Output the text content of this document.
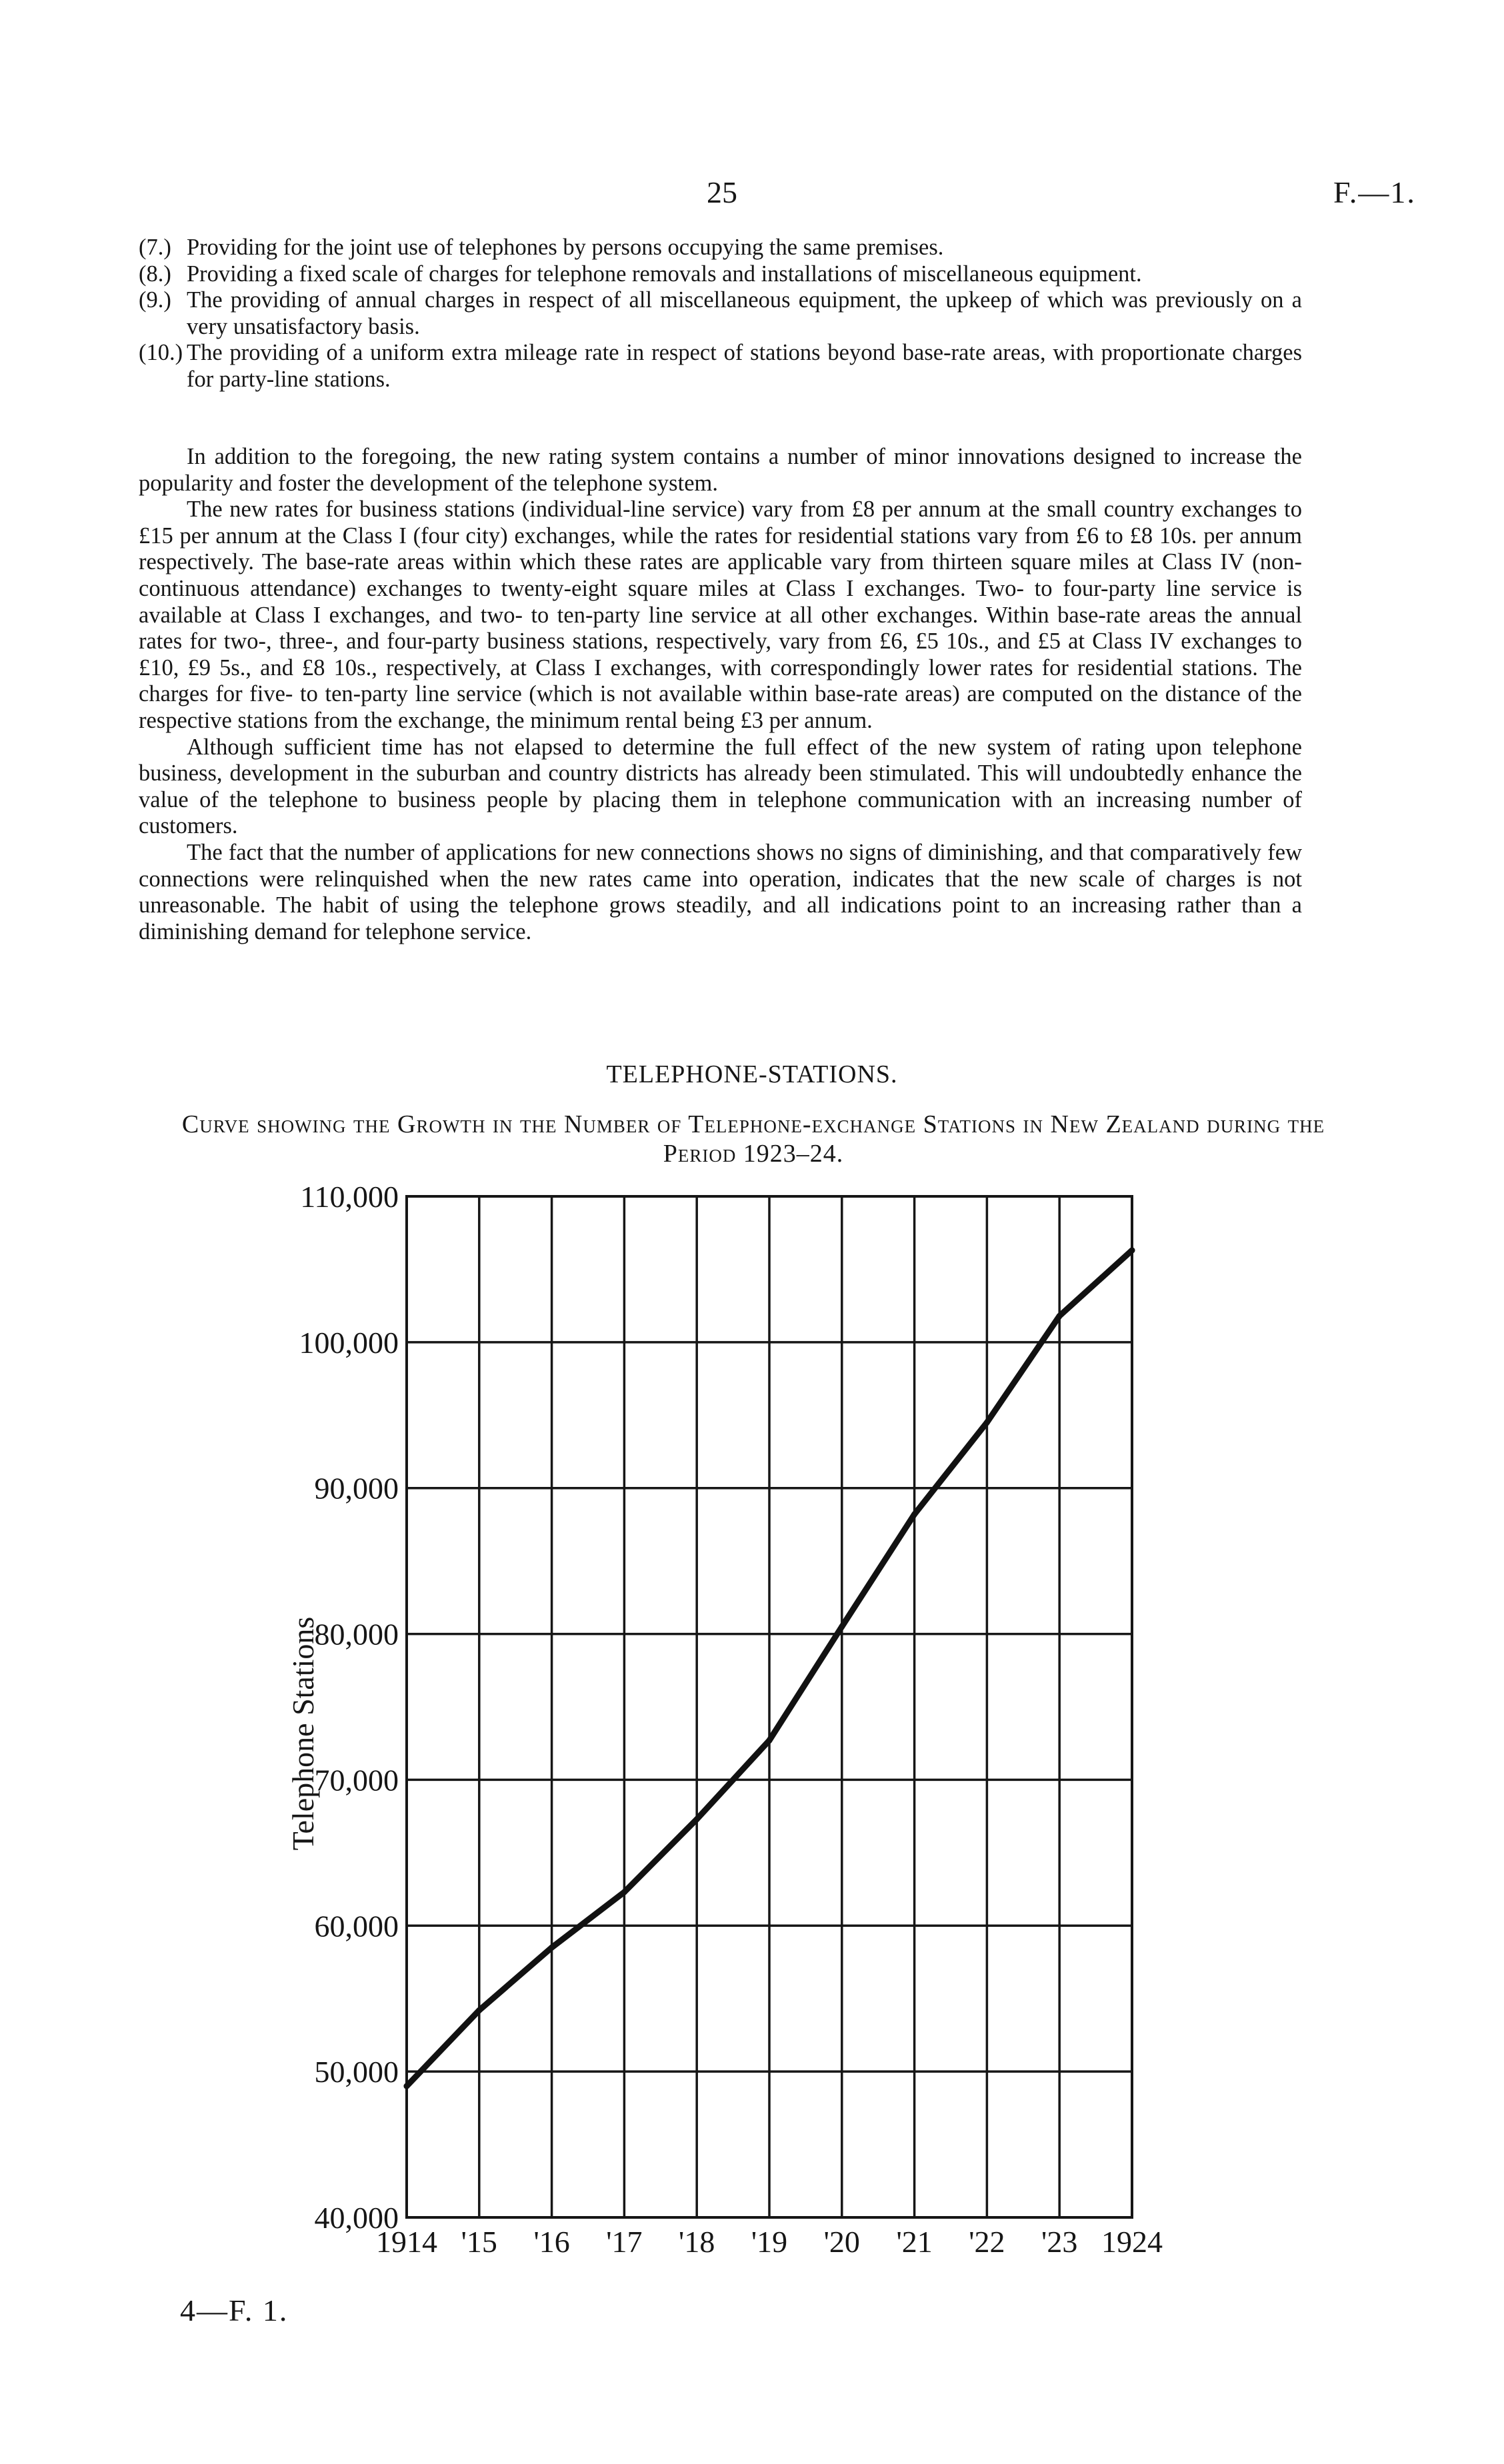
25	F.—1.

(7.) Providing for the joint use of telephones by persons occupying the same premises.

(8.) Providing a fixed scale of charges for telephone removals and installations of miscellaneous equipment.

(9.) The providing of annual charges in respect of all miscellaneous equipment, the upkeep of which was previously on a very unsatisfactory basis.

(10.) The providing of a uniform extra mileage rate in respect of stations beyond base-rate areas, with proportionate charges for party-line stations.

In addition to the foregoing, the new rating system contains a number of minor innovations designed to increase the popularity and foster the development of the telephone system.

The new rates for business stations (individual-line service) vary from £8 per annum at the small country exchanges to £15 per annum at the Class I (four city) exchanges, while the rates for residential stations vary from £6 to £8 10s. per annum respectively. The base-rate areas within which these rates are applicable vary from thirteen square miles at Class IV (non-continuous attendance) exchanges to twenty-eight square miles at Class I exchanges. Two- to four-party line service is available at Class I exchanges, and two- to ten-party line service at all other exchanges. Within base-rate areas the annual rates for two-, three-, and four-party business stations, respectively, vary from £6, £5 10s., and £5 at Class IV exchanges to £10, £9 5s., and £8 10s., respectively, at Class I exchanges, with correspondingly lower rates for residential stations. The charges for five- to ten-party line service (which is not available within base-rate areas) are computed on the distance of the respective stations from the exchange, the minimum rental being £3 per annum.

Although sufficient time has not elapsed to determine the full effect of the new system of rating upon telephone business, development in the suburban and country districts has already been stimulated. This will undoubtedly enhance the value of the telephone to business people by placing them in telephone communication with an increasing number of customers.

The fact that the number of applications for new connections shows no signs of diminishing, and that comparatively few connections were relinquished when the new rates came into operation, indicates that the new scale of charges is not unreasonable. The habit of using the telephone grows steadily, and all indications point to an increasing rather than a diminishing demand for telephone service.

TELEPHONE-STATIONS.
Curve showing the Growth in the Number of Telephone-exchange Stations in New Zealand during the Period 1923–24.
110,000
100,000
90,000
80,000
70,000
60,000
50,000
40,000
1914 '15 '16 '17 '18 '19 '20 '21 '22 '23 1924
Telephone Stations
4—F. 1.
